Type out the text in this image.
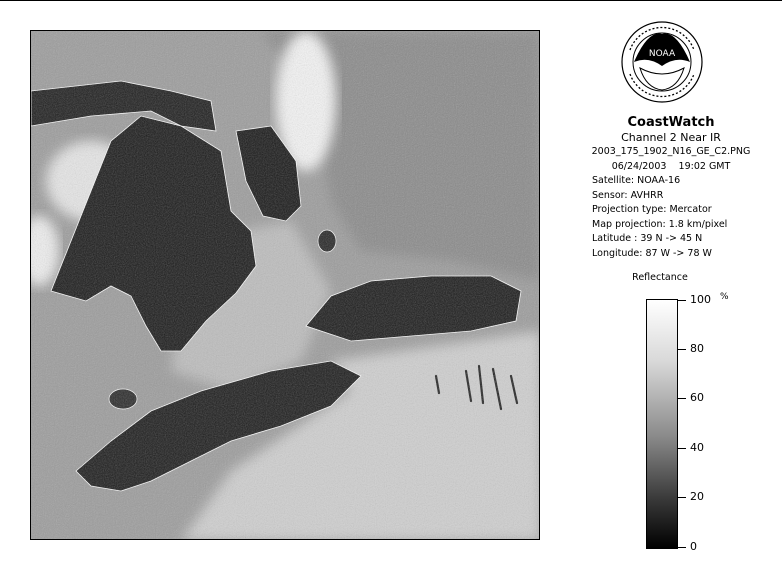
NOAA
CoastWatch
Channel 2 Near IR
2003_175_1902_N16_GE_C2.PNG
06/24/2003 19:02 GMT
Satellite: NOAA-16
Sensor: AVHRR
Projection type: Mercator
Map projection: 1.8 km/pixel
Latitude : 39 N -> 45 N
Longitude: 87 W -> 78 W
Reflectance
%
100
80
60
40
20
0
